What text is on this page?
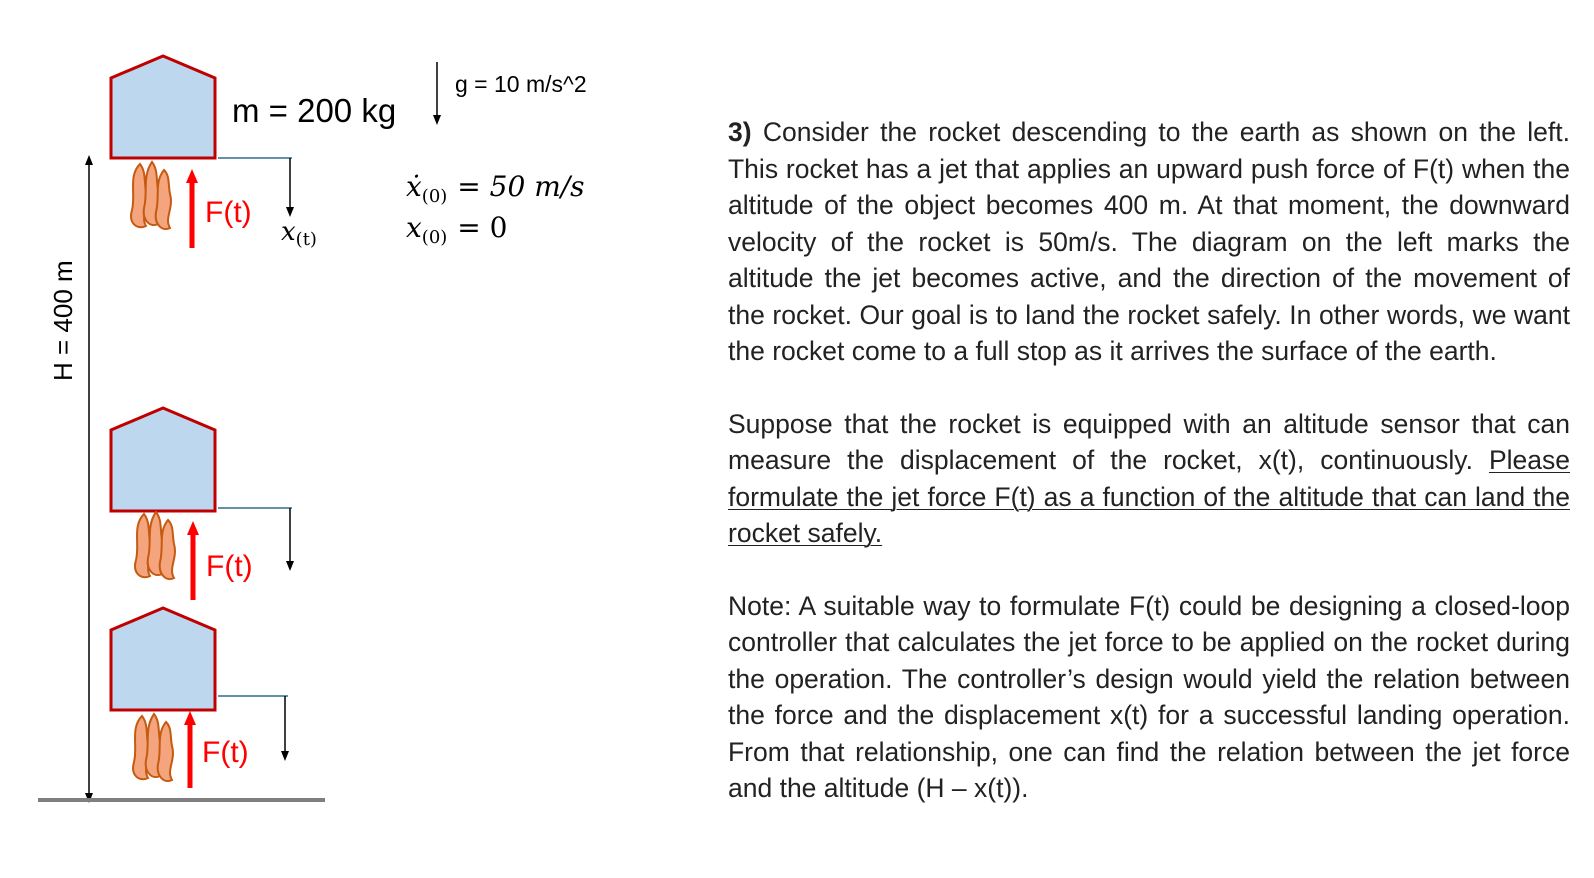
F(t)
x(t)
m = 200 kg
g = 10 m/s^2
ẋ$_{(0)}$ = 50 m/s
$x_{(0)} = 0$
H = 400 m
F(t)
F(t)

3) Consider the rocket descending to the earth as shown on the left. This rocket has a jet that applies an upward push force of F(t) when the altitude of the object becomes 400 m. At that moment, the downward velocity of the rocket is 50m/s. The diagram on the left marks the altitude the jet becomes active, and the direction of the movement of the rocket. Our goal is to land the rocket safely. In other words, we want the rocket come to a full stop as it arrives the surface of the earth.

Suppose that the rocket is equipped with an altitude sensor that can measure the displacement of the rocket, x(t), continuously. Please formulate the jet force F(t) as a function of the altitude that can land the rocket safely.

Note: A suitable way to formulate F(t) could be designing a closed-loop controller that calculates the jet force to be applied on the rocket during the operation. The controller’s design would yield the relation between the force and the displacement x(t) for a successful landing operation. From that relationship, one can find the relation between the jet force and the altitude (H – x(t)).
